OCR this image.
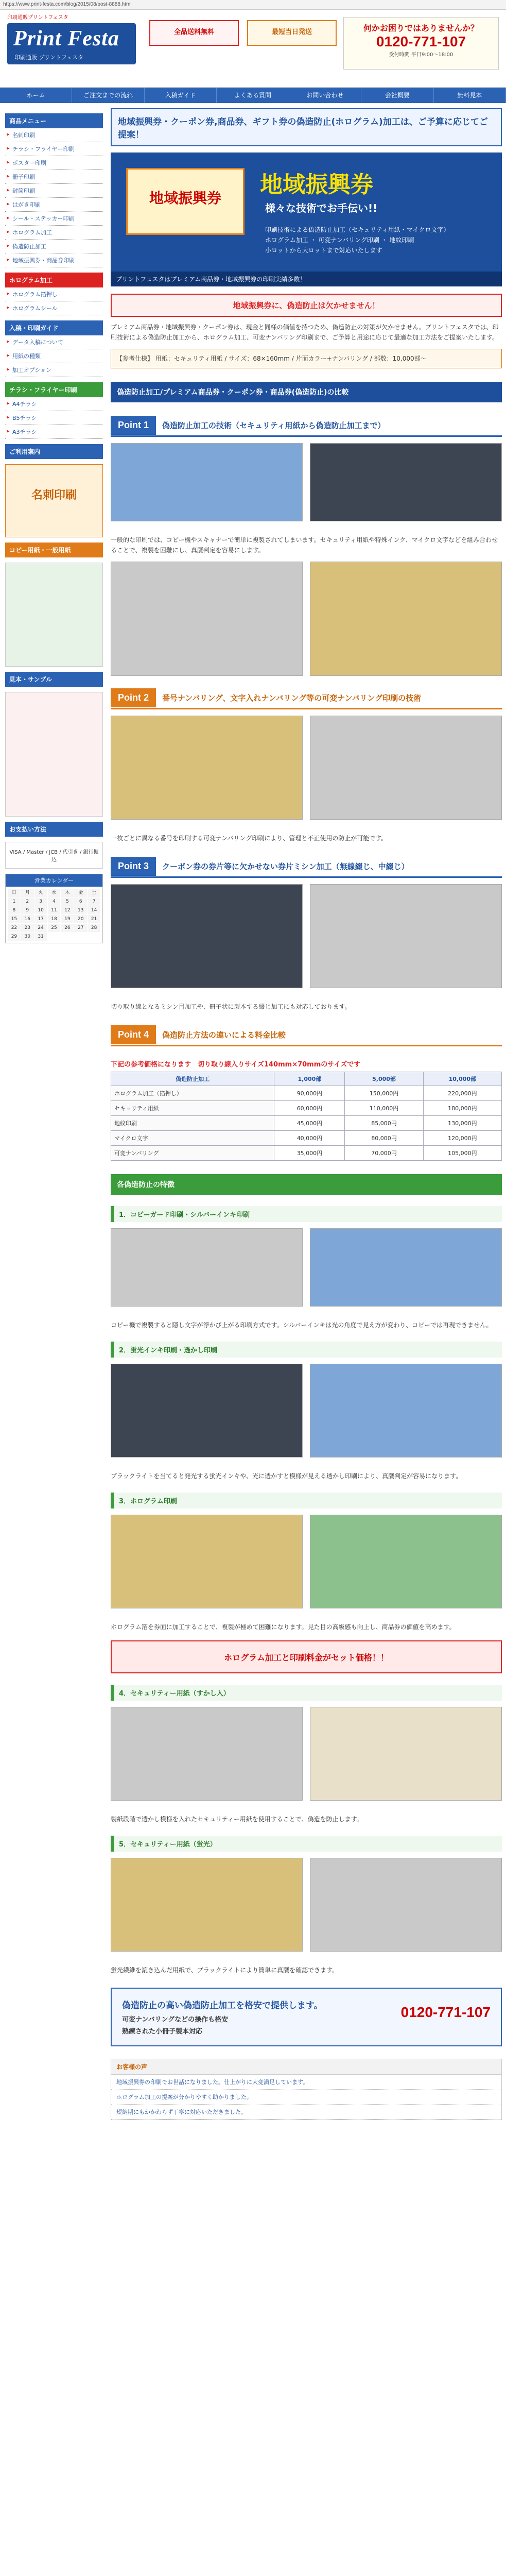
https://www.print-festa.com/blog/2015/08/post-8888.html
印刷通販プリントフェスタ
Print Festa
印刷通販 プリントフェスタ
全品送料無料	最短当日発送	何かお困りではありませんか？
0120-771-107
受付時間 平日9:00～18:00
ホーム	ご注文までの流れ	入稿ガイド	よくある質問	お問い合わせ	会社概要	無料見本
商品メニュー
▸ 名刺印刷
▸ チラシ・フライヤー印刷
▸ ポスター印刷
▸ 冊子印刷
▸ 封筒印刷
▸ はがき印刷
▸ シール・ステッカー印刷
▸ ホログラム加工
▸ 偽造防止加工
▸ 地域振興券・商品券印刷
ホログラム加工
▸ ホログラム箔押し
▸ ホログラムシール
入稿・印刷ガイド
▸ データ入稿について
▸ 用紙の種類
▸ 加工オプション
チラシ・フライヤー印刷
▸ A4チラシ
▸ B5チラシ
▸ A3チラシ
ご利用案内
名刺印刷
コピー用紙・一般用紙
見本・サンプル
お支払い方法
VISA / Master / JCB / 代引き / 銀行振込
営業カレンダー
日	月	火	水	木	金	土
1	2	3	4	5	6	7
8	9	10	11	12	13	14
15	16	17	18	19	20	21
22	23	24	25	26	27	28
29	30	31
地域振興券・クーポン券,商品券、ギフト券の偽造防止(ホログラム)加工は、ご予算に応じてご提案！
地域振興券
地域振興券
様々な技術でお手伝い!!
印刷技術による偽造防止加工（セキュリティ用紙・マイクロ文字）
ホログラム加工 ・ 可変ナンバリング印刷 ・ 地紋印刷
小ロットから大ロットまで対応いたします
プリントフェスタはプレミアム商品券・地域振興券の印刷実績多数！
地域振興券に、偽造防止は欠かせません！
プレミアム商品券・地域振興券・クーポン券は、現金と同様の価値を持つため、偽造防止の対策が欠かせません。プリントフェスタでは、印刷技術による偽造防止加工から、ホログラム加工、可変ナンバリング印刷まで、ご予算と用途に応じて最適な加工方法をご提案いたします。
【参考仕様】 用紙：セキュリティ用紙 / サイズ：68×160mm / 片面カラー+ナンバリング / 部数：10,000部〜
偽造防止加工/プレミアム商品券・クーポン券・商品券(偽造防止)の比較
Point 1	偽造防止加工の技術（セキュリティ用紙から偽造防止加工まで）
一般的な印刷では、コピー機やスキャナーで簡単に複製されてしまいます。セキュリティ用紙や特殊インク、マイクロ文字などを組み合わせることで、複製を困難にし、真贋判定を容易にします。
Point 2	番号ナンバリング、文字入れナンバリング等の可変ナンバリング印刷の技術
一枚ごとに異なる番号を印刷する可変ナンバリング印刷により、管理と不正使用の防止が可能です。
Point 3	クーポン券の券片等に欠かせない券片ミシン加工（無線綴じ、中綴じ）
切り取り線となるミシン目加工や、冊子状に製本する綴じ加工にも対応しております。
Point 4	偽造防止方法の違いによる料金比較
下記の参考価格になります　切り取り線入りサイズ140mm×70mmのサイズです
偽造防止加工	1,000部	5,000部	10,000部
ホログラム加工（箔押し）	90,000円	150,000円	220,000円
セキュリティ用紙	60,000円	110,000円	180,000円
地紋印刷	45,000円	85,000円	130,000円
マイクロ文字	40,000円	80,000円	120,000円
可変ナンバリング	35,000円	70,000円	105,000円
各偽造防止の特徴
1．コピーガード印刷・シルバーインキ印刷
コピー機で複製すると隠し文字が浮かび上がる印刷方式です。シルバーインキは光の角度で見え方が変わり、コピーでは再現できません。
2．蛍光インキ印刷・透かし印刷
ブラックライトを当てると発光する蛍光インキや、光に透かすと模様が見える透かし印刷により、真贋判定が容易になります。
3．ホログラム印刷
ホログラム箔を券面に加工することで、複製が極めて困難になります。見た目の高級感も向上し、商品券の価値を高めます。
ホログラム加工と印刷料金がセット価格！！
4．セキュリティー用紙（すかし入）
製紙段階で透かし模様を入れたセキュリティー用紙を使用することで、偽造を防止します。
5．セキュリティー用紙（蛍光）
蛍光繊維を漉き込んだ用紙で、ブラックライトにより簡単に真贋を確認できます。
偽造防止の高い偽造防止加工を格安で提供します。
可変ナンバリングなどの操作も格安
熟練された小冊子製本対応
0120-771-107
お客様の声
地域振興券の印刷でお世話になりました。仕上がりに大変満足しています。
ホログラム加工の提案が分かりやすく助かりました。
短納期にもかかわらず丁寧に対応いただきました。
